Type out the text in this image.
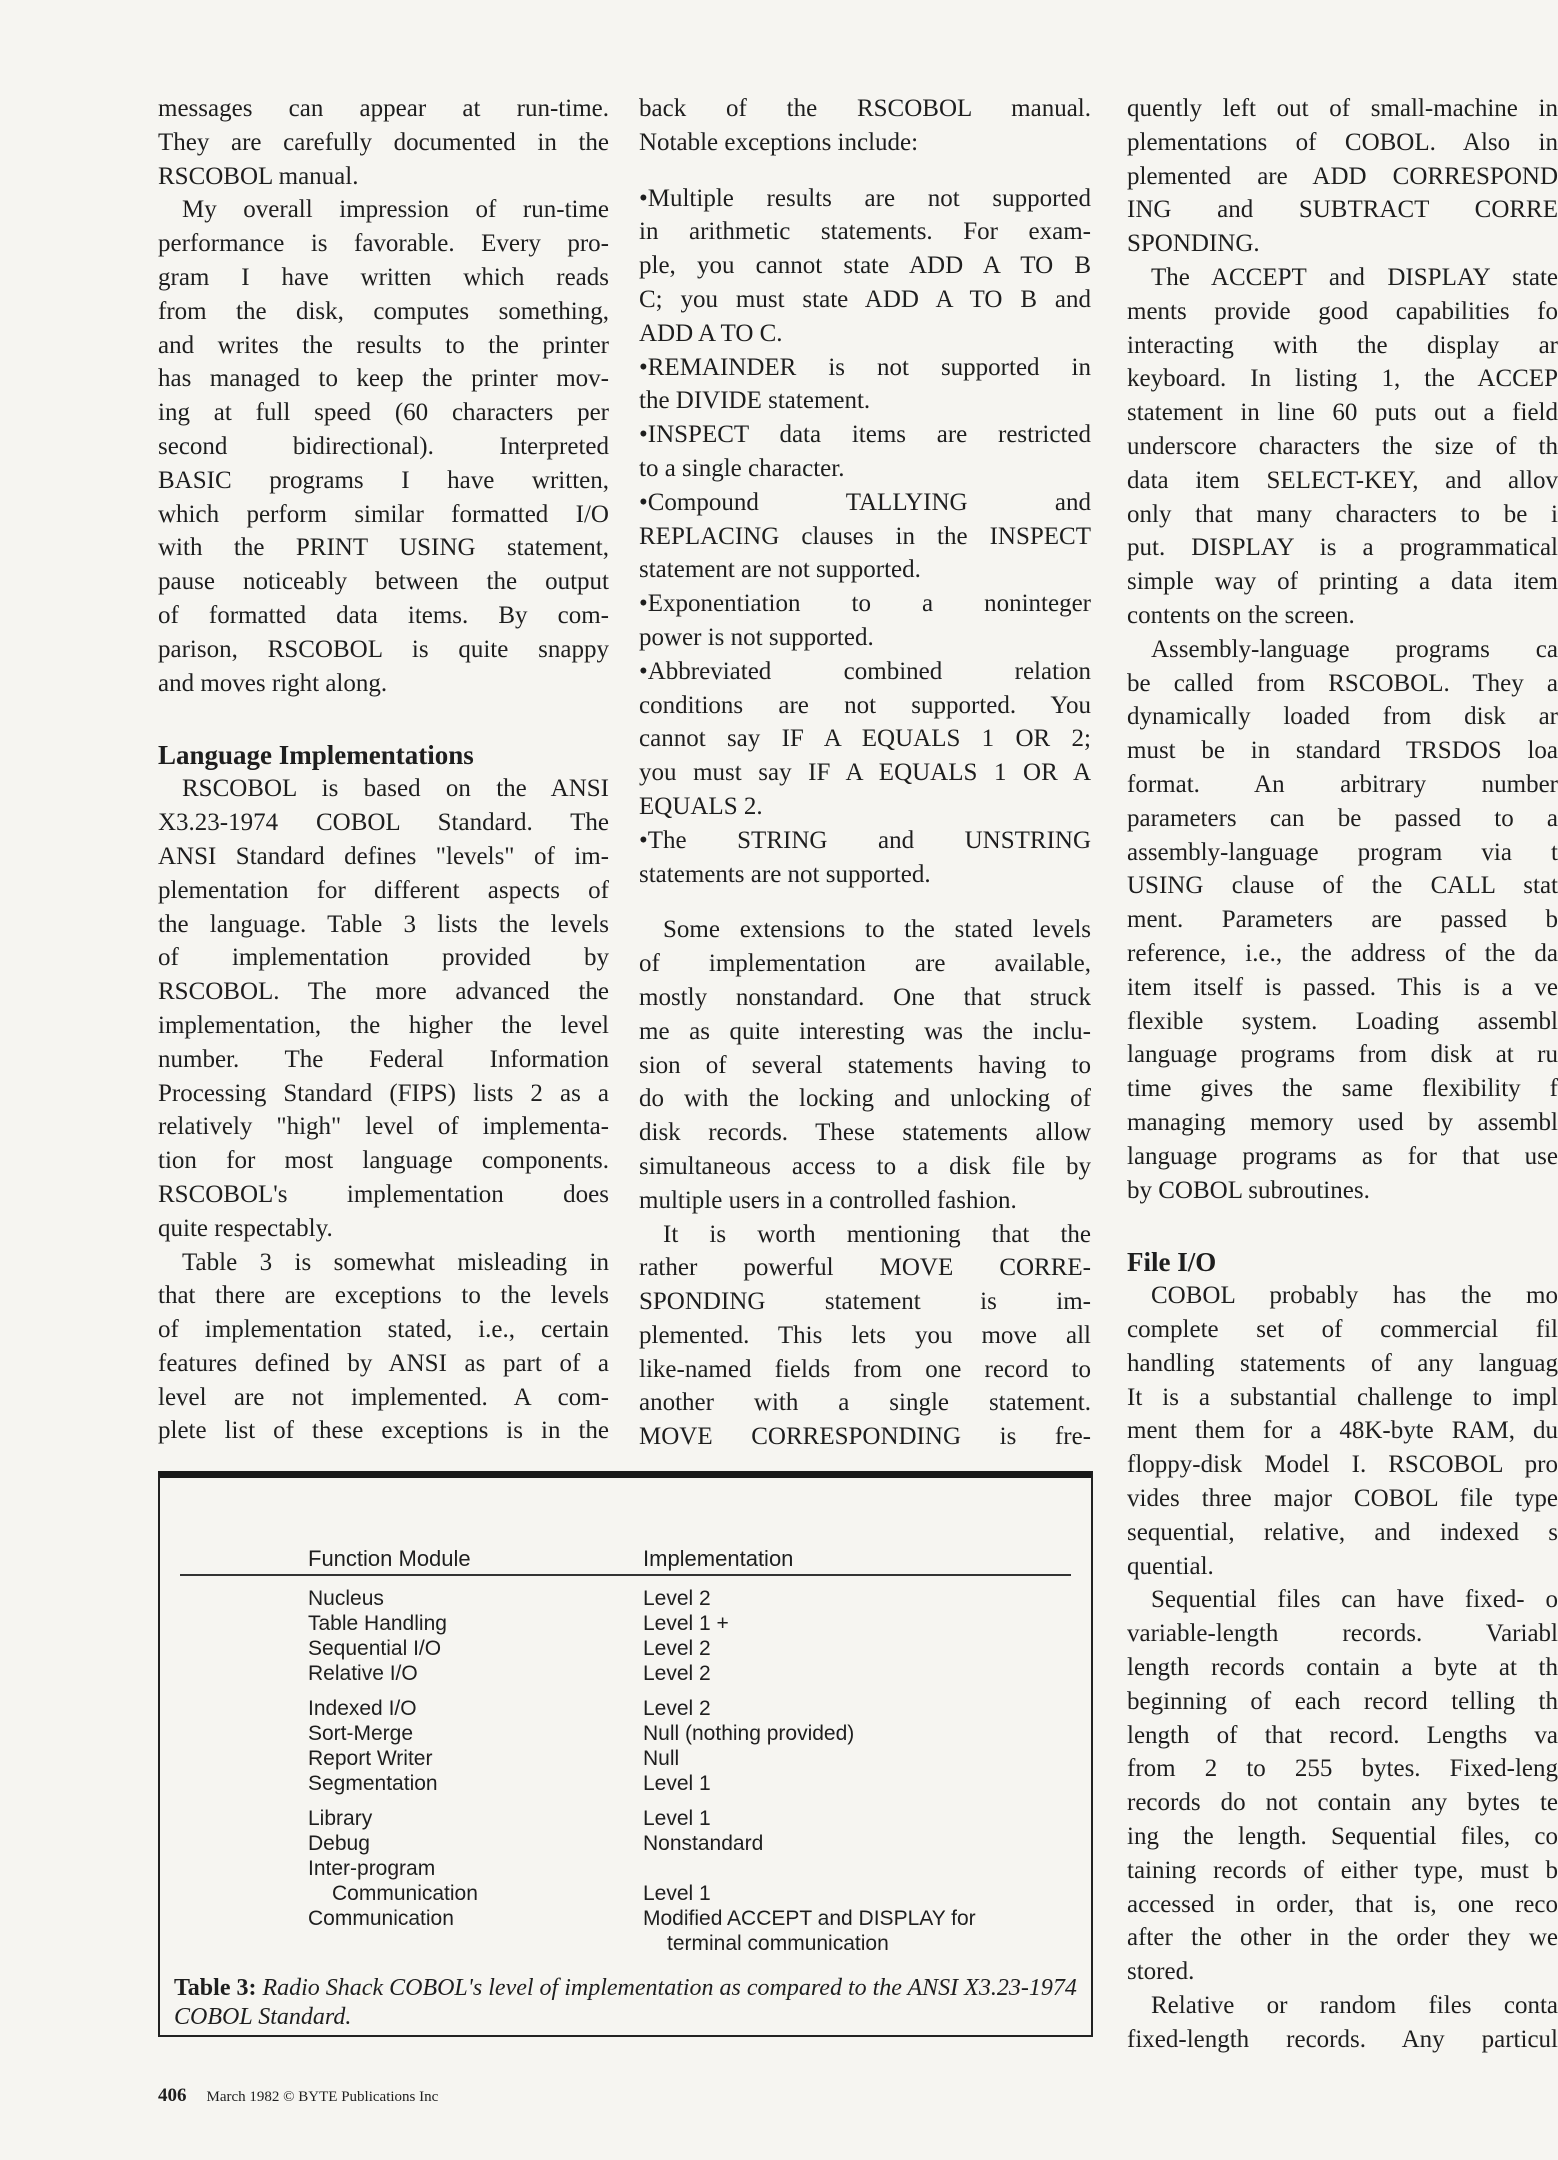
messages can appear at run-time.
They are carefully documented in the
RSCOBOL manual.
My overall impression of run-time
performance is favorable. Every pro-
gram I have written which reads
from the disk, computes something,
and writes the results to the printer
has managed to keep the printer mov-
ing at full speed (60 characters per
second bidirectional). Interpreted
BASIC programs I have written,
which perform similar formatted I/O
with the PRINT USING statement,
pause noticeably between the output
of formatted data items. By com-
parison, RSCOBOL is quite snappy
and moves right along.
Language Implementations
RSCOBOL is based on the ANSI
X3.23-1974 COBOL Standard. The
ANSI Standard defines "levels" of im-
plementation for different aspects of
the language. Table 3 lists the levels
of implementation provided by
RSCOBOL. The more advanced the
implementation, the higher the level
number. The Federal Information
Processing Standard (FIPS) lists 2 as a
relatively "high" level of implementa-
tion for most language components.
RSCOBOL's implementation does
quite respectably.
Table 3 is somewhat misleading in
that there are exceptions to the levels
of implementation stated, i.e., certain
features defined by ANSI as part of a
level are not implemented. A com-
plete list of these exceptions is in the
back of the RSCOBOL manual.
Notable exceptions include:
•Multiple results are not supported
in arithmetic statements. For exam-
ple, you cannot state ADD A TO B
C; you must state ADD A TO B and
ADD A TO C.
•REMAINDER is not supported in
the DIVIDE statement.
•INSPECT data items are restricted
to a single character.
•Compound TALLYING and
REPLACING clauses in the INSPECT
statement are not supported.
•Exponentiation to a noninteger
power is not supported.
•Abbreviated combined relation
conditions are not supported. You
cannot say IF A EQUALS 1 OR 2;
you must say IF A EQUALS 1 OR A
EQUALS 2.
•The STRING and UNSTRING
statements are not supported.
Some extensions to the stated levels
of implementation are available,
mostly nonstandard. One that struck
me as quite interesting was the inclu-
sion of several statements having to
do with the locking and unlocking of
disk records. These statements allow
simultaneous access to a disk file by
multiple users in a controlled fashion.
It is worth mentioning that the
rather powerful MOVE CORRE-
SPONDING statement is im-
plemented. This lets you move all
like-named fields from one record to
another with a single statement.
MOVE CORRESPONDING is fre-
quently left out of small-machine in
plementations of COBOL. Also in
plemented are ADD CORRESPOND
ING and SUBTRACT CORRE
SPONDING.
The ACCEPT and DISPLAY state
ments provide good capabilities fo
interacting with the display ar
keyboard. In listing 1, the ACCEP
statement in line 60 puts out a field
underscore characters the size of th
data item SELECT-KEY, and allov
only that many characters to be i
put. DISPLAY is a programmatical
simple way of printing a data item
contents on the screen.
Assembly-language programs ca
be called from RSCOBOL. They a
dynamically loaded from disk ar
must be in standard TRSDOS loa
format. An arbitrary number
parameters can be passed to a
assembly-language program via t
USING clause of the CALL stat
ment. Parameters are passed b
reference, i.e., the address of the da
item itself is passed. This is a ve
flexible system. Loading assembl
language programs from disk at ru
time gives the same flexibility f
managing memory used by assembl
language programs as for that use
by COBOL subroutines.
File I/O
COBOL probably has the mo
complete set of commercial fil
handling statements of any languag
It is a substantial challenge to impl
ment them for a 48K-byte RAM, du
floppy-disk Model I. RSCOBOL pro
vides three major COBOL file type
sequential, relative, and indexed s
quential.
Sequential files can have fixed- o
variable-length records. Variabl
length records contain a byte at th
beginning of each record telling th
length of that record. Lengths va
from 2 to 255 bytes. Fixed-leng
records do not contain any bytes te
ing the length. Sequential files, co
taining records of either type, must b
accessed in order, that is, one reco
after the other in the order they we
stored.
Relative or random files conta
fixed-length records. Any particul
Function Module	Implementation
Nucleus	Level 2
Table Handling	Level 1 +
Sequential I/O	Level 2
Relative I/O	Level 2
Indexed I/O	Level 2
Sort-Merge	Null (nothing provided)
Report Writer	Null
Segmentation	Level 1
Library	Level 1
Debug	Nonstandard
Inter-program
Communication	Level 1
Communication	Modified ACCEPT and DISPLAY for
terminal communication
Table 3: Radio Shack COBOL's level of implementation as compared to the ANSI X3.23-1974 COBOL Standard.
406 March 1982 © BYTE Publications Inc
